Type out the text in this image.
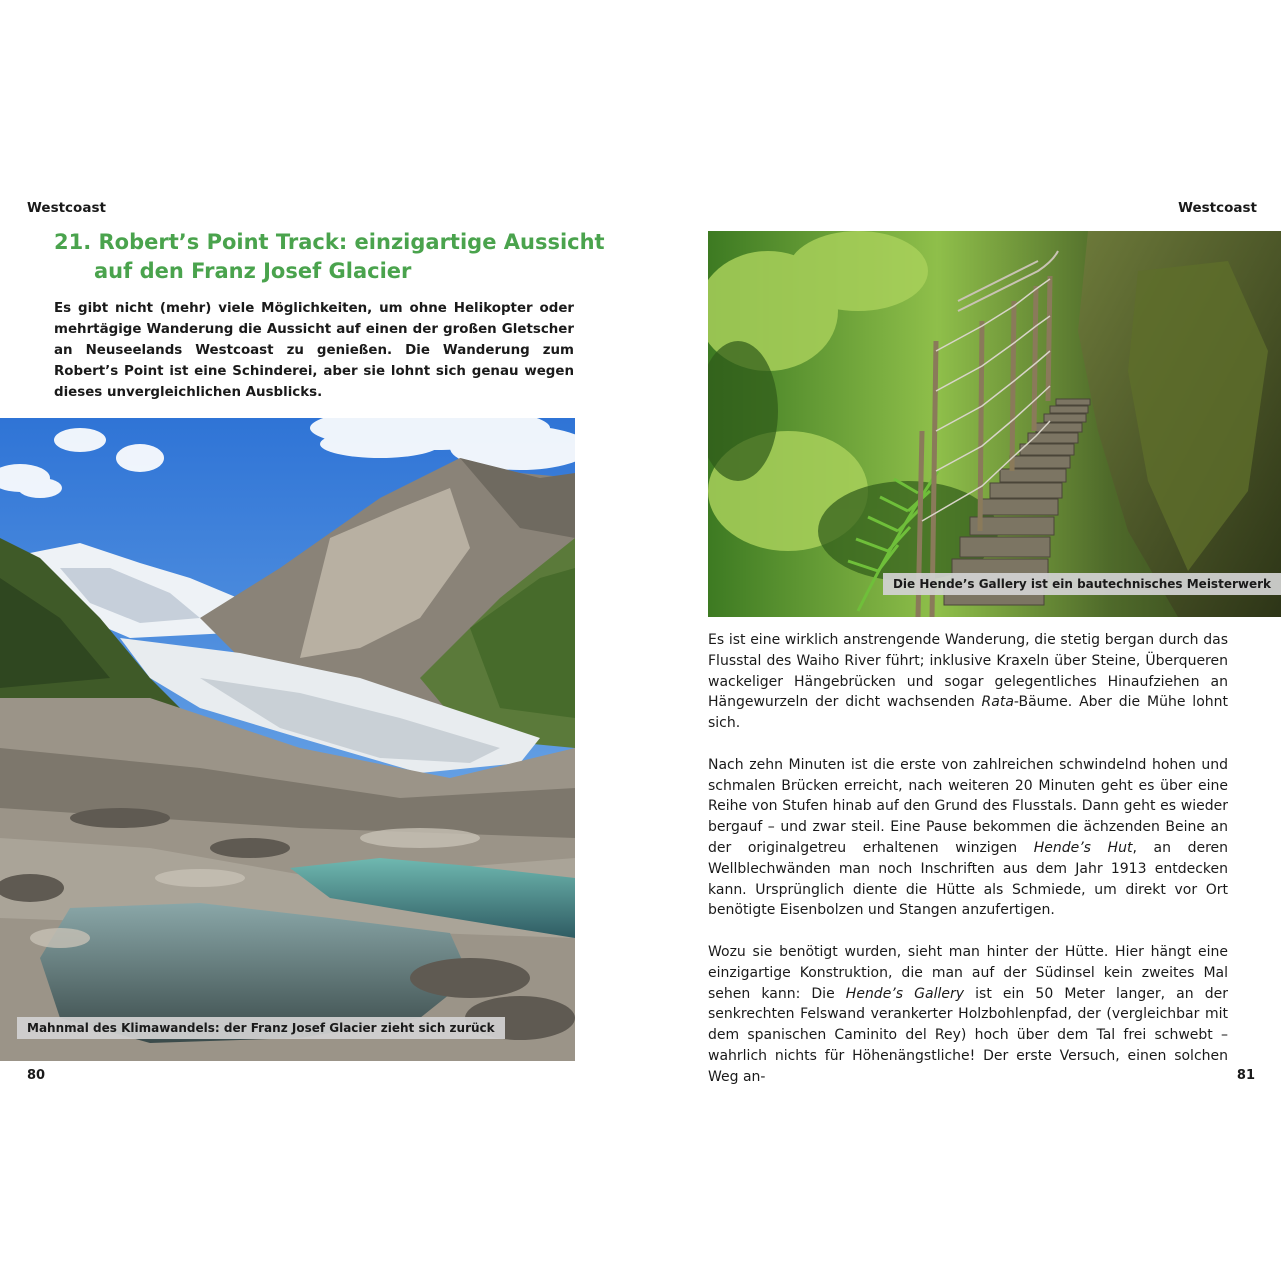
Westcoast
21. Robert’s Point Track: einzigartige Aussicht
auf den Franz Josef Glacier

Es gibt nicht (mehr) viele Möglichkeiten, um ohne Helikopter oder mehrtägige Wanderung die Aussicht auf einen der großen Gletscher an Neuseelands Westcoast zu genießen. Die Wanderung zum Robert’s Point ist eine Schinderei, aber sie lohnt sich genau wegen dieses unvergleichlichen Ausblicks.

Mahnmal des Klimawandels: der Franz Josef Glacier zieht sich zurück
80
Westcoast
Die Hende’s Gallery ist ein bautechnisches Meisterwerk

Es ist eine wirklich anstrengende Wanderung, die stetig bergan durch das Flusstal des Waiho River führt; inklusive Kraxeln über Steine, Überqueren wackeliger Hängebrücken und sogar gelegentliches Hinaufziehen an Hängewurzeln der dicht wachsenden Rata-Bäume. Aber die Mühe lohnt sich.

Nach zehn Minuten ist die erste von zahlreichen schwindelnd hohen und schmalen Brücken erreicht, nach weiteren 20 Minuten geht es über eine Reihe von Stufen hinab auf den Grund des Flusstals. Dann geht es wieder bergauf – und zwar steil. Eine Pause bekommen die ächzenden Beine an der originalgetreu erhaltenen winzigen Hende’s Hut, an deren Wellblechwänden man noch Inschriften aus dem Jahr 1913 entdecken kann. Ursprünglich diente die Hütte als Schmiede, um direkt vor Ort benötigte Eisenbolzen und Stangen anzufertigen.

Wozu sie benötigt wurden, sieht man hinter der Hütte. Hier hängt eine einzigartige Konstruktion, die man auf der Südinsel kein zweites Mal sehen kann: Die Hende’s Gallery ist ein 50 Meter langer, an der senkrechten Felswand verankerter Holzbohlenpfad, der (vergleichbar mit dem spanischen Caminito del Rey) hoch über dem Tal frei schwebt – wahrlich nichts für Höhenängstliche! Der erste Versuch, einen solchen Weg an-	81
